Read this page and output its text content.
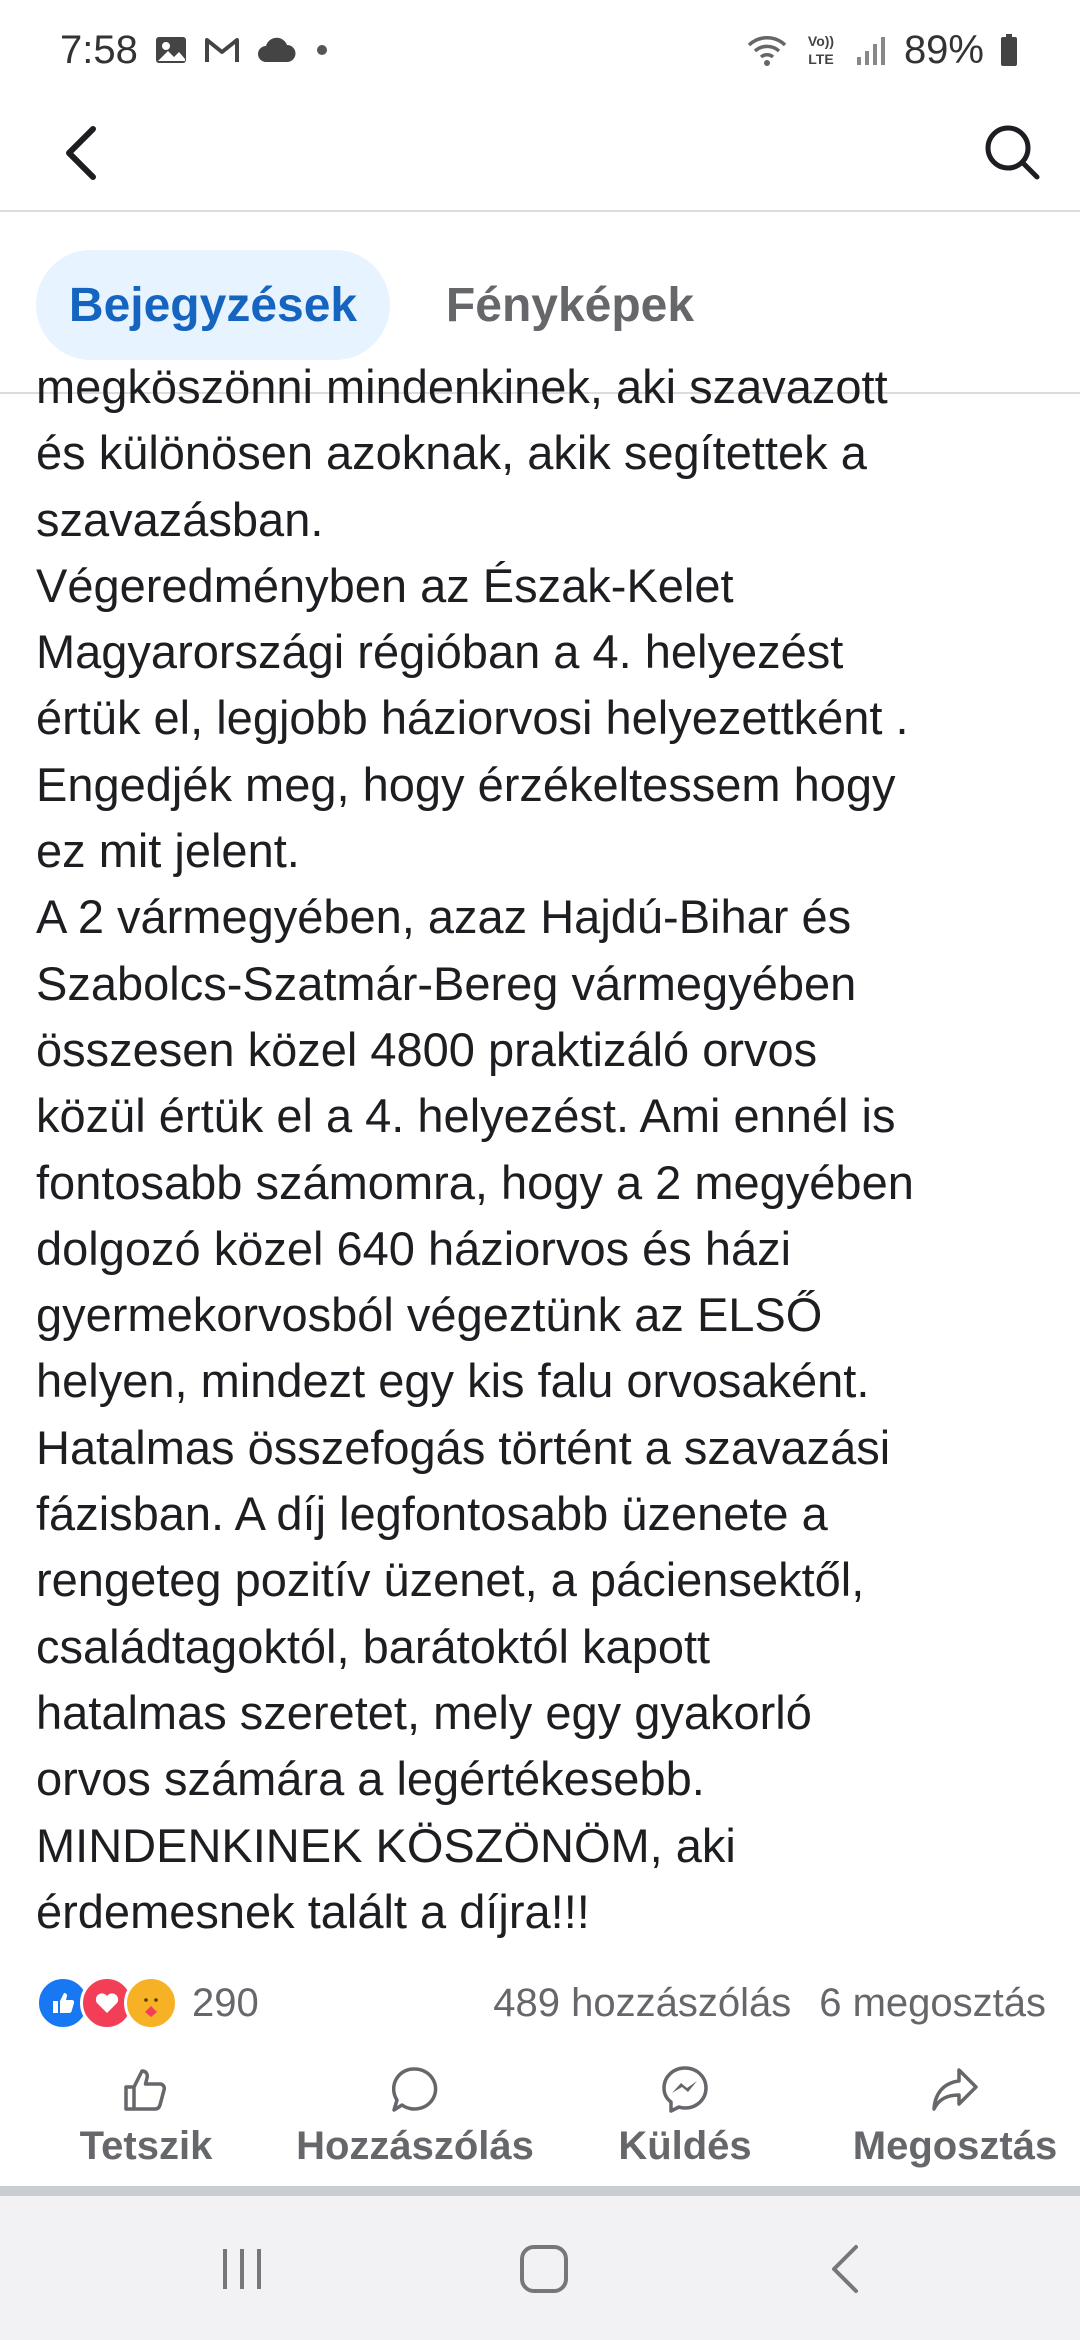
7:58	Vo))
LTE 89%
Bejegyzések	Fényképek
megköszönni mindenkinek, aki szavazott
és különösen azoknak, akik segítettek a
szavazásban.
Végeredményben az Észak-Kelet
Magyarországi régióban a 4. helyezést
értük el, legjobb háziorvosi helyezettként .
Engedjék meg, hogy érzékeltessem hogy
ez mit jelent.
A 2 vármegyében, azaz Hajdú-Bihar és
Szabolcs-Szatmár-Bereg vármegyében
összesen közel 4800 praktizáló orvos
közül értük el a 4. helyezést. Ami ennél is
fontosabb számomra, hogy a 2 megyében
dolgozó közel 640 háziorvos és házi
gyermekorvosból végeztünk az ELSŐ
helyen, mindezt egy kis falu orvosaként.
Hatalmas összefogás történt a szavazási
fázisban. A díj legfontosabb üzenete a
rengeteg pozitív üzenet, a páciensektől,
családtagoktól, barátoktól kapott
hatalmas szeretet, mely egy gyakorló
orvos számára a legértékesebb.
MINDENKINEK KÖSZÖNÖM, aki
érdemesnek talált a díjra!!!
290	489 hozzászólás 6 megosztás
Tetszik Hozzászólás Küldés	Megosztás
